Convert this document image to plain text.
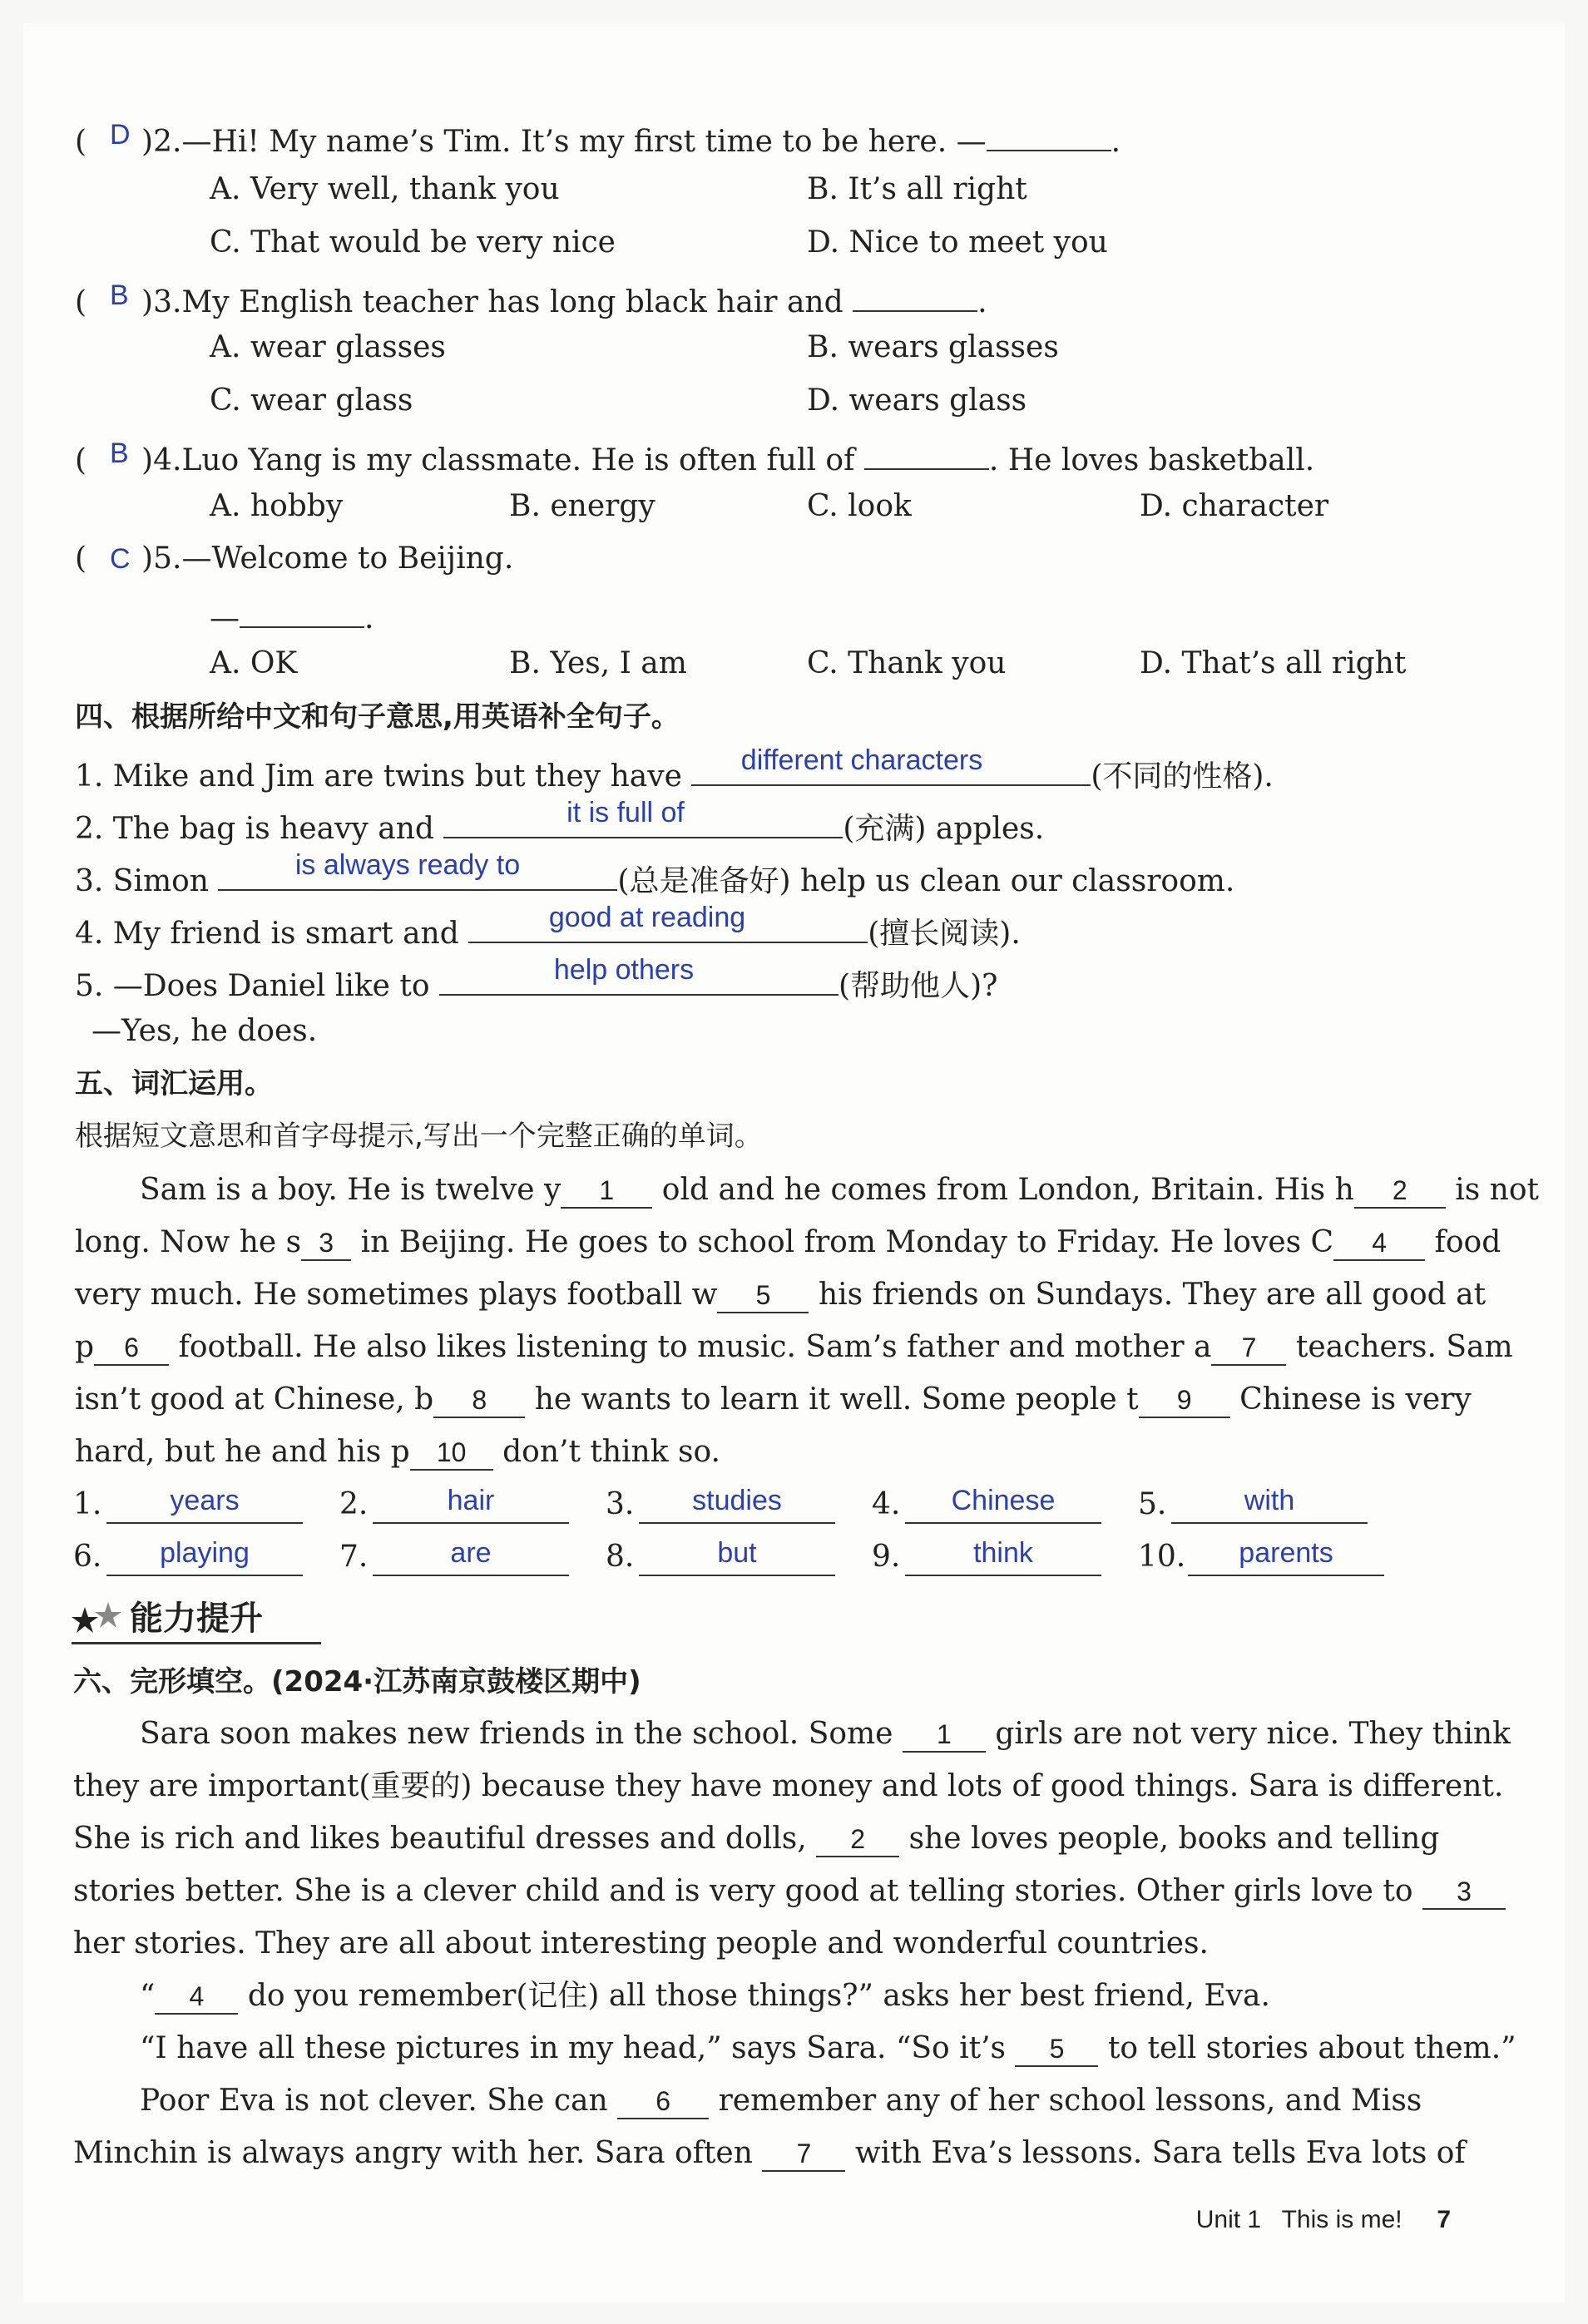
( )2.—Hi! My name’s Tim. It’s my first time to be here. —	.
D
A. Very well, thank you	B. It’s all right
C. That would be very nice	D. Nice to meet you
( )3.My English teacher has long black hair and	.
B
A. wear glasses	B. wears glasses
C. wear glass	D. wears glass
( )4.Luo Yang is my classmate. He is often full of	. He loves basketball.
B
A. hobby	B. energy	C. look	D. character
( )5.—Welcome to Beijing.
C
—	.
A. OK	B. Yes, I am	C. Thank you	D. That’s all right
四、根据所给中文和句子意思,用英语补全句子。
1. Mike and Jim are twins but they have	(不同的性格).
different characters
2. The bag is heavy and	(充满) apples.
it is full of
3. Simon	(总是准备好) help us clean our classroom.
is always ready to
4. My friend is smart and	(擅长阅读).
good at reading
5. —Does Daniel like to	(帮助他人)?
help others
—Yes, he does.
五、词汇运用。
根据短文意思和首字母提示,写出一个完整正确的单词。
Sam is a boy. He is twelve y 1 old and he comes from London, Britain. His h 2 is not
long. Now he s 3 in Beijing. He goes to school from Monday to Friday. He loves C 4 food
very much. He sometimes plays football w 5 his friends on Sundays. They are all good at
p 6 football. He also likes listening to music. Sam’s father and mother a 7 teachers. Sam
isn’t good at Chinese, b 8 he wants to learn it well. Some people t 9 Chinese is very
hard, but he and his p 10 don’t think so.
1.	years	2.	hair	3.	studies	4.	Chinese	5.	with
6.	playing	7.	are	8.	but	9.	think	10.	parents
能力提升
六、完形填空。(2024·江苏南京鼓楼区期中)
Sara soon makes new friends in the school. Some 1 girls are not very nice. They think
they are important(重要的) because they have money and lots of good things. Sara is different.
She is rich and likes beautiful dresses and dolls, 2 she loves people, books and telling
stories better. She is a clever child and is very good at telling stories. Other girls love to 3
her stories. They are all about interesting people and wonderful countries.
“ 4 do you remember(记住) all those things?” asks her best friend, Eva.
“I have all these pictures in my head,” says Sara. “So it’s 5 to tell stories about them.”
Poor Eva is not clever. She can 6 remember any of her school lessons, and Miss
Minchin is always angry with her. Sara often 7 with Eva’s lessons. Sara tells Eva lots of
Unit 1 This is me! 7
